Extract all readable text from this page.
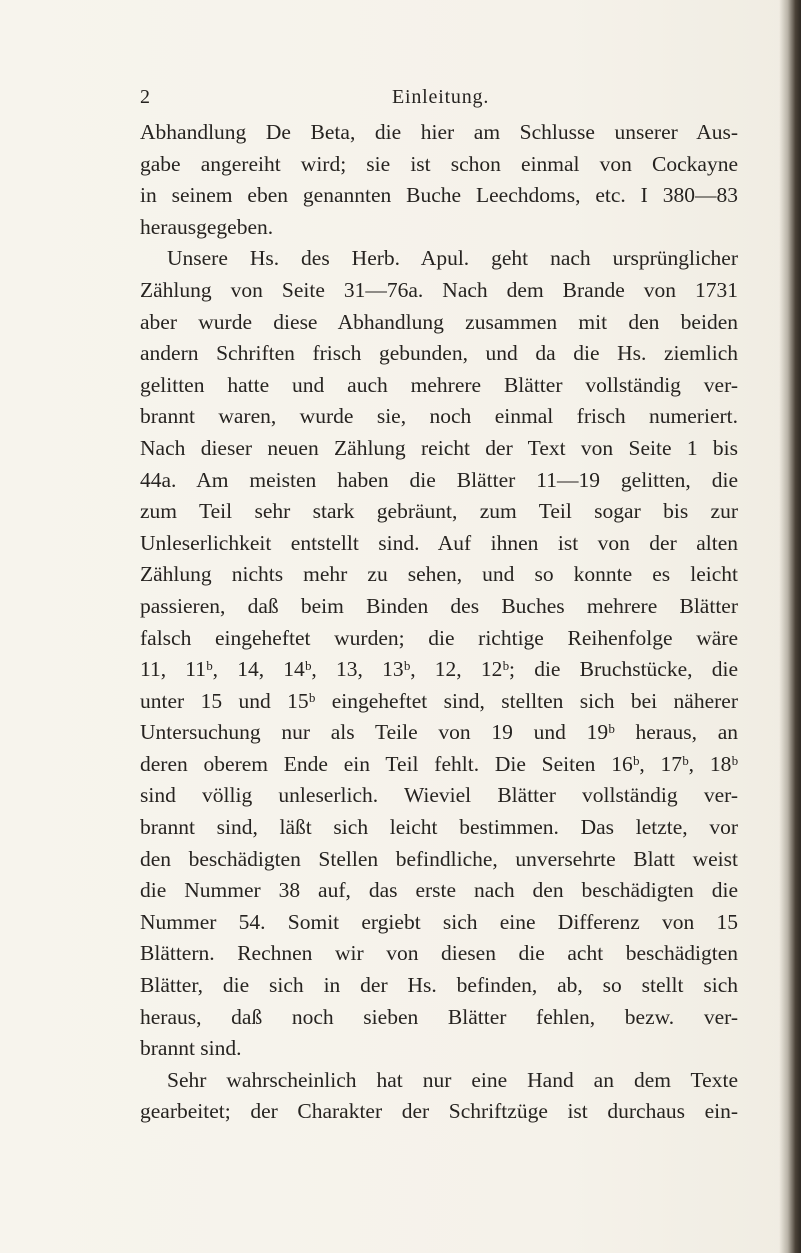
2	Einleitung.
Abhandlung De Beta, die hier am Schlusse unserer Aus-
gabe angereiht wird; sie ist schon einmal von Cockayne
in seinem eben genannten Buche Leechdoms, etc. I 380—83
herausgegeben.
Unsere Hs. des Herb. Apul. geht nach ursprünglicher
Zählung von Seite 31—76a. Nach dem Brande von 1731
aber wurde diese Abhandlung zusammen mit den beiden
andern Schriften frisch gebunden, und da die Hs. ziemlich
gelitten hatte und auch mehrere Blätter vollständig ver-
brannt waren, wurde sie, noch einmal frisch numeriert.
Nach dieser neuen Zählung reicht der Text von Seite 1 bis
44a. Am meisten haben die Blätter 11—19 gelitten, die
zum Teil sehr stark gebräunt, zum Teil sogar bis zur
Unleserlichkeit entstellt sind. Auf ihnen ist von der alten
Zählung nichts mehr zu sehen, und so konnte es leicht
passieren, daß beim Binden des Buches mehrere Blätter
falsch eingeheftet wurden; die richtige Reihenfolge wäre
11, 11ᵇ, 14, 14ᵇ, 13, 13ᵇ, 12, 12ᵇ; die Bruchstücke, die
unter 15 und 15ᵇ eingeheftet sind, stellten sich bei näherer
Untersuchung nur als Teile von 19 und 19ᵇ heraus, an
deren oberem Ende ein Teil fehlt. Die Seiten 16ᵇ, 17ᵇ, 18ᵇ
sind völlig unleserlich. Wieviel Blätter vollständig ver-
brannt sind, läßt sich leicht bestimmen. Das letzte, vor
den beschädigten Stellen befindliche, unversehrte Blatt weist
die Nummer 38 auf, das erste nach den beschädigten die
Nummer 54. Somit ergiebt sich eine Differenz von 15
Blättern. Rechnen wir von diesen die acht beschädigten
Blätter, die sich in der Hs. befinden, ab, so stellt sich
heraus, daß noch sieben Blätter fehlen, bezw. ver-
brannt sind.
Sehr wahrscheinlich hat nur eine Hand an dem Texte
gearbeitet; der Charakter der Schriftzüge ist durchaus ein-
